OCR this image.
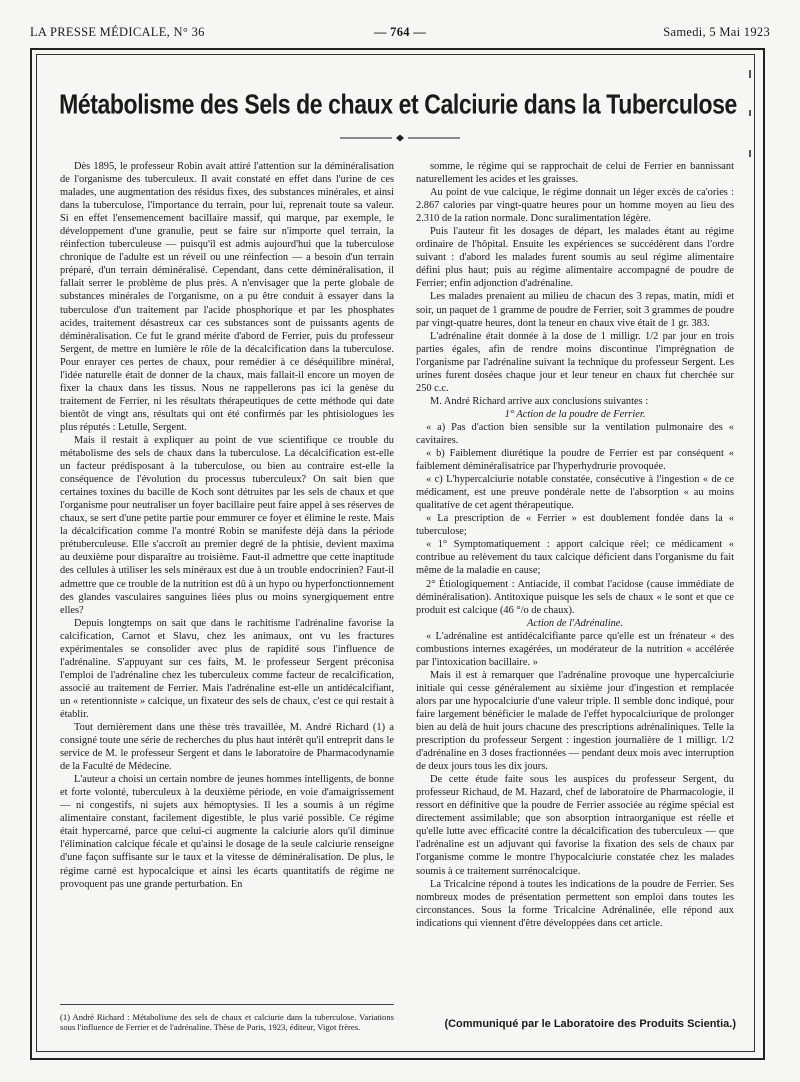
LA PRESSE MÉDICALE, N° 36	— 764 —	Samedi, 5 Mai 1923
Métabolisme des Sels de chaux et Calciurie dans la Tuberculose

Dès 1895, le professeur Robin avait attiré l'attention sur la déminéralisation de l'organisme des tuberculeux. Il avait constaté en effet dans l'urine de ces malades, une augmentation des résidus fixes, des substances minérales, et ainsi dans la tuberculose, l'importance du terrain, pour lui, reprenait toute sa valeur. Si en effet l'ensemencement bacillaire massif, qui marque, par exemple, le développement d'une granulie, peut se faire sur n'importe quel terrain, la réinfection tuberculeuse — puisqu'il est admis aujourd'hui que la tuberculose chronique de l'adulte est un réveil ou une réinfection — a besoin d'un terrain préparé, d'un terrain déminéralisé. Cependant, dans cette déminéralisation, il fallait serrer le problème de plus près. A n'envisager que la perte globale de substances minérales de l'organisme, on a pu être conduit à essayer dans la tuberculose d'un traitement par l'acide phosphorique et par les phosphates acides, traitement désastreux car ces substances sont de puissants agents de déminéralisation. Ce fut le grand mérite d'abord de Ferrier, puis du professeur Sergent, de mettre en lumière le rôle de la décalcification dans la tuberculose. Pour enrayer ces pertes de chaux, pour remédier à ce déséquilibre minéral, l'idée naturelle était de donner de la chaux, mais fallait-il encore un moyen de fixer la chaux dans les tissus. Nous ne rappellerons pas ici la genèse du traitement de Ferrier, ni les résultats thérapeutiques de cette méthode qui date bientôt de vingt ans, résultats qui ont été confirmés par les phtisiologues les plus réputés : Letulle, Sergent.

Mais il restait à expliquer au point de vue scientifique ce trouble du métabolisme des sels de chaux dans la tuberculose. La décalcification est-elle un facteur prédisposant à la tuberculose, ou bien au contraire est-elle la conséquence de l'évolution du processus tuberculeux? On sait bien que certaines toxines du bacille de Koch sont détruites par les sels de chaux et que l'organisme pour neutraliser un foyer bacillaire peut faire appel à ses réserves de chaux, se sert d'une petite partie pour emmurer ce foyer et élimine le reste. Mais la décalcification comme l'a montré Robin se manifeste déjà dans la période prétuberculeuse. Elle s'accroît au premier degré de la phtisie, devient maxima au deuxième pour disparaître au troisième. Faut-il admettre que cette inaptitude des cellules à utiliser les sels minéraux est due à un trouble endocrinien? Faut-il admettre que ce trouble de la nutrition est dû à un hypo ou hyperfonctionnement des glandes vasculaires sanguines liées plus ou moins synergiquement entre elles?

Depuis longtemps on sait que dans le rachitisme l'adrénaline favorise la calcification, Carnot et Slavu, chez les animaux, ont vu les fractures expérimentales se consolider avec plus de rapidité sous l'influence de l'adrénaline. S'appuyant sur ces faits, M. le professeur Sergent préconisa l'emploi de l'adrénaline chez les tuberculeux comme facteur de recalcification, associé au traitement de Ferrier. Mais l'adrénaline est-elle un antidécalcifiant, un « retentionniste » calcique, un fixateur des sels de chaux, c'est ce qui restait à établir.

Tout dernièrement dans une thèse très travaillée, M. André Richard (1) a consigné toute une série de recherches du plus haut intérêt qu'il entreprit dans le service de M. le professeur Sergent et dans le laboratoire de Pharmacodynamie de la Faculté de Médecine.

L'auteur a choisi un certain nombre de jeunes hommes intelligents, de bonne et forte volonté, tuberculeux à la deuxième période, en voie d'amaigrissement — ni congestifs, ni sujets aux hémoptysies. Il les a soumis à un régime alimentaire constant, facilement digestible, le plus varié possible. Ce régime était hypercarné, parce que celui-ci augmente la calciurie alors qu'il diminue l'élimination calcique fécale et qu'ainsi le dosage de la seule calciurie renseigne d'une façon suffisante sur le taux et la vitesse de déminéralisation. De plus, le régime carné est hypocalcique et ainsi les écarts quantitatifs de régime ne provoquent pas une grande perturbation. En

somme, le régime qui se rapprochait de celui de Ferrier en bannissant naturellement les acides et les graisses.

Au point de vue calcique, le régime donnait un léger excès de ca'ories : 2.867 calories par vingt-quatre heures pour un homme moyen au lieu des 2.310 de la ration normale. Donc suralimentation légère.

Puis l'auteur fit les dosages de départ, les malades étant au régime ordinaire de l'hôpital. Ensuite les expériences se succédèrent dans l'ordre suivant : d'abord les malades furent soumis au seul régime alimentaire défini plus haut; puis au régime alimentaire accompagné de poudre de Ferrier; enfin adjonction d'adrénaline.

Les malades prenaient au milieu de chacun des 3 repas, matin, midi et soir, un paquet de 1 gramme de poudre de Ferrier, soit 3 grammes de poudre par vingt-quatre heures, dont la teneur en chaux vive était de 1 gr. 383.

L'adrénaline était donnée à la dose de 1 milligr. 1/2 par jour en trois parties égales, afin de rendre moins discontinue l'imprégnation de l'organisme par l'adrénaline suivant la technique du professeur Sergent. Les urines furent dosées chaque jour et leur teneur en chaux fut cherchée sur 250 c.c.

M. André Richard arrive aux conclusions suivantes :

1° Action de la poudre de Ferrier.

« a) Pas d'action bien sensible sur la ventilation pulmonaire des « cavitaires.

« b) Faiblement diurétique la poudre de Ferrier est par conséquent « faiblement déminéralisatrice par l'hyperhydrurie provoquée.

« c) L'hypercalciurie notable constatée, consécutive à l'ingestion « de ce médicament, est une preuve pondérale nette de l'absorption « au moins qualitative de cet agent thérapeutique.

« La prescription de « Ferrier » est doublement fondée dans la « tuberculose;

« 1° Symptomatiquement : apport calcique réel; ce médicament « contribue au relèvement du taux calcique déficient dans l'organisme du fait même de la maladie en cause;

2° Étiologiquement : Antiacide, il combat l'acidose (cause immédiate de déminéralisation). Antitoxique puisque les sels de chaux « le sont et que ce produit est calcique (46 °/o de chaux).

Action de l'Adrénaline.

« L'adrénaline est antidécalcifiante parce qu'elle est un frénateur « des combustions internes exagérées, un modérateur de la nutrition « accélérée par l'intoxication bacillaire. »

Mais il est à remarquer que l'adrénaline provoque une hypercalciurie initiale qui cesse généralement au sixième jour d'ingestion et remplacée alors par une hypocalciurie d'une valeur triple. Il semble donc indiqué, pour faire largement bénéficier le malade de l'effet hypocalciurique de prolonger bien au delà de huit jours chacune des prescriptions adrénaliniques. Telle la prescription du professeur Sergent : ingestion journalière de 1 milligr. 1/2 d'adrénaline en 3 doses fractionnées — pendant deux mois avec interruption de deux jours tous les dix jours.

De cette étude faite sous les auspices du professeur Sergent, du professeur Richaud, de M. Hazard, chef de laboratoire de Pharmacologie, il ressort en définitive que la poudre de Ferrier associée au régime spécial est directement assimilable; que son absorption intraorganique est réelle et qu'elle lutte avec efficacité contre la décalcification des tuberculeux — que l'adrénaline est un adjuvant qui favorise la fixation des sels de chaux par l'organisme comme le montre l'hypocalciurie constatée chez les malades soumis à ce traitement surrénocalcique.

La Tricalcine répond à toutes les indications de la poudre de Ferrier. Ses nombreux modes de présentation permettent son emploi dans toutes les circonstances. Sous la forme Tricalcine Adrénalinée, elle répond aux indications qui viennent d'être développées dans cet article.

(1) André Richard : Métabolisme des sels de chaux et calciurie dans la tuberculose. Variations sous l'influence de Ferrier et de l'adrénaline. Thèse de Paris, 1923, éditeur, Vigot frères.	(Communiqué par le Laboratoire des Produits Scientia.)
